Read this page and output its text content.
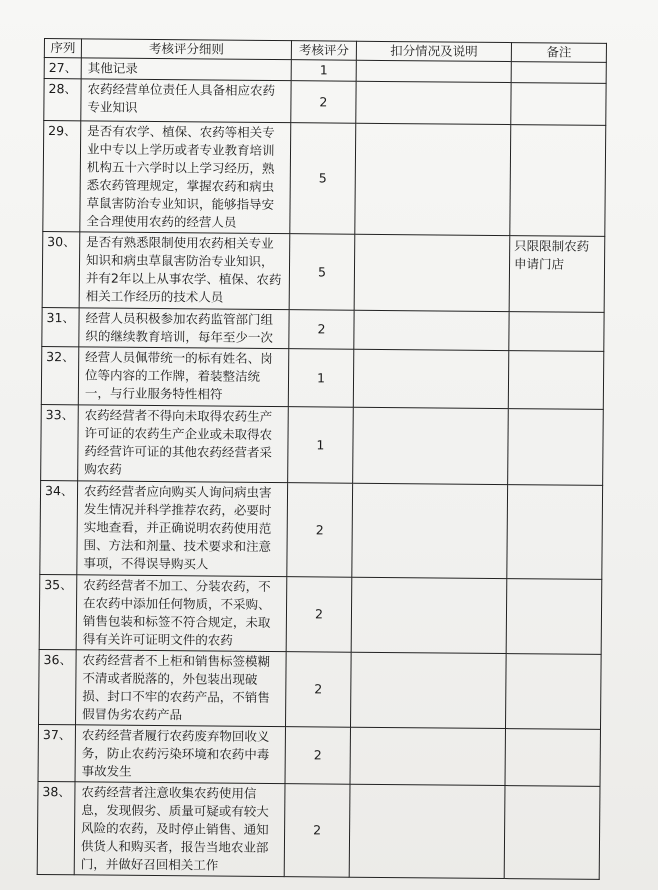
序列	考核评分细则	考核评分	扣分情况及说明	备注
27、	其他记录	1		
28、	农药经营单位责任人具备相应农药专业知识	2		
29、	是否有农学、植保、农药等相关专业中专以上学历或者专业教育培训机构五十六学时以上学习经历，熟悉农药管理规定，掌握农药和病虫草鼠害防治专业知识，能够指导安全合理使用农药的经营人员	5		
30、	是否有熟悉限制使用农药相关专业知识和病虫草鼠害防治专业知识，并有2年以上从事农学、植保、农药相关工作经历的技术人员	5		只限限制农药申请门店
31、	经营人员积极参加农药监管部门组织的继续教育培训，每年至少一次	2		
32、	经营人员佩带统一的标有姓名、岗位等内容的工作牌，着装整洁统一，与行业服务特性相符	1		
33、	农药经营者不得向未取得农药生产许可证的农药生产企业或未取得农药经营许可证的其他农药经营者采购农药	1		
34、	农药经营者应向购买人询问病虫害发生情况并科学推荐农药，必要时实地查看，并正确说明农药使用范围、方法和剂量、技术要求和注意事项，不得误导购买人	2		
35、	农药经营者不加工、分装农药，不在农药中添加任何物质，不采购、销售包装和标签不符合规定，未取得有关许可证明文件的农药	2		
36、	农药经营者不上柜和销售标签模糊不清或者脱落的，外包装出现破损、封口不牢的农药产品，不销售假冒伪劣农药产品	2		
37、	农药经营者履行农药废弃物回收义务，防止农药污染环境和农药中毒事故发生	2		
38、	农药经营者注意收集农药使用信息，发现假劣、质量可疑或有较大风险的农药，及时停止销售、通知供货人和购买者，报告当地农业部门，并做好召回相关工作	2		
